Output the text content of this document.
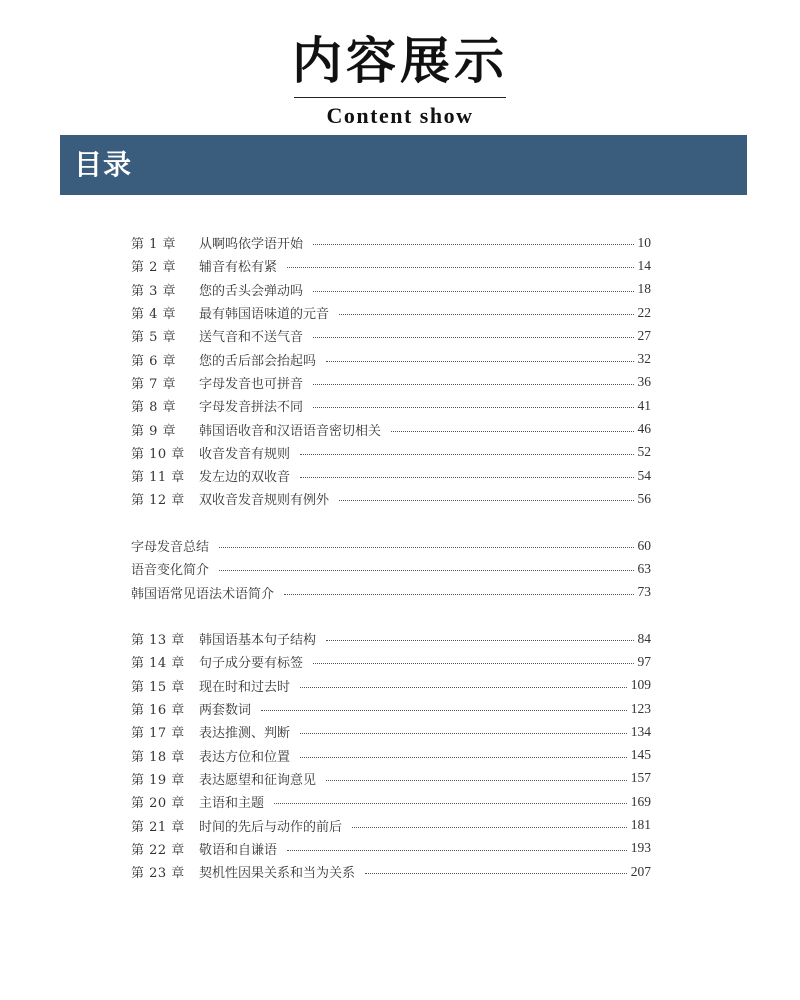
内容展示
Content show
目录
第 1 章	从啊呜依学语开始	10
第 2 章	辅音有松有紧	14
第 3 章	您的舌头会弹动吗	18
第 4 章	最有韩国语味道的元音	22
第 5 章	送气音和不送气音	27
第 6 章	您的舌后部会抬起吗	32
第 7 章	字母发音也可拼音	36
第 8 章	字母发音拼法不同	41
第 9 章	韩国语收音和汉语语音密切相关	46
第 10 章	收音发音有规则	52
第 11 章	发左边的双收音	54
第 12 章	双收音发音规则有例外	56
字母发音总结	60
语音变化简介	63
韩国语常见语法术语简介	73
第 13 章	韩国语基本句子结构	84
第 14 章	句子成分要有标签	97
第 15 章	现在时和过去时	109
第 16 章	两套数词	123
第 17 章	表达推测、判断	134
第 18 章	表达方位和位置	145
第 19 章	表达愿望和征询意见	157
第 20 章	主语和主题	169
第 21 章	时间的先后与动作的前后	181
第 22 章	敬语和自谦语	193
第 23 章	契机性因果关系和当为关系	207
